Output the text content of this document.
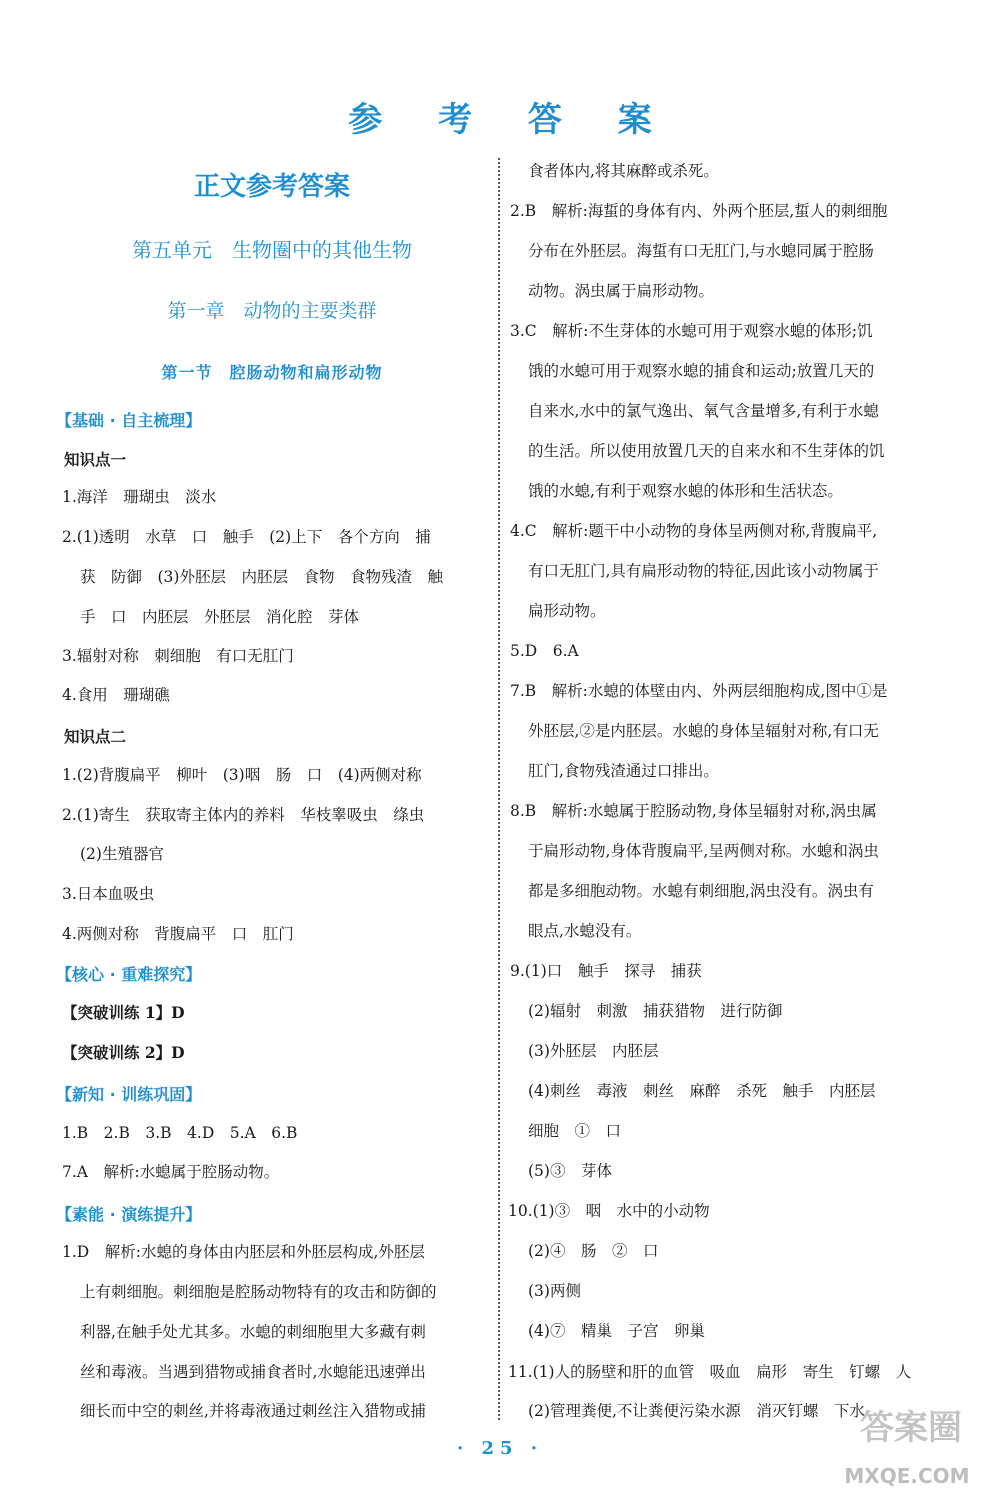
参 考 答 案
正文参考答案
第五单元　生物圈中的其他生物
第一章　动物的主要类群
第一节　腔肠动物和扁形动物
【基础 · 自主梳理】
知识点一
1.海洋　珊瑚虫　淡水
2.(1)透明　水草　口　触手　(2)上下　各个方向　捕
获　防御　(3)外胚层　内胚层　食物　食物残渣　触
手　口　内胚层　外胚层　消化腔　芽体
3.辐射对称　刺细胞　有口无肛门
4.食用　珊瑚礁
知识点二
1.(2)背腹扁平　柳叶　(3)咽　肠　口　(4)两侧对称
2.(1)寄生　获取寄主体内的养料　华枝睾吸虫　绦虫
(2)生殖器官
3.日本血吸虫
4.两侧对称　背腹扁平　口　肛门
【核心 · 重难探究】
【突破训练 1】D
【突破训练 2】D
【新知 · 训练巩固】
1.B　2.B　3.B　4.D　5.A　6.B
7.A　解析:水螅属于腔肠动物。
【素能 · 演练提升】
1.D　解析:水螅的身体由内胚层和外胚层构成,外胚层
上有刺细胞。刺细胞是腔肠动物特有的攻击和防御的
利器,在触手处尤其多。水螅的刺细胞里大多藏有刺
丝和毒液。当遇到猎物或捕食者时,水螅能迅速弹出
细长而中空的刺丝,并将毒液通过刺丝注入猎物或捕
食者体内,将其麻醉或杀死。
2.B　解析:海蜇的身体有内、外两个胚层,蜇人的刺细胞
分布在外胚层。海蜇有口无肛门,与水螅同属于腔肠
动物。涡虫属于扁形动物。
3.C　解析:不生芽体的水螅可用于观察水螅的体形;饥
饿的水螅可用于观察水螅的捕食和运动;放置几天的
自来水,水中的氯气逸出、氧气含量增多,有利于水螅
的生活。所以使用放置几天的自来水和不生芽体的饥
饿的水螅,有利于观察水螅的体形和生活状态。
4.C　解析:题干中小动物的身体呈两侧对称,背腹扁平,
有口无肛门,具有扁形动物的特征,因此该小动物属于
扁形动物。
5.D　6.A
7.B　解析:水螅的体壁由内、外两层细胞构成,图中①是
外胚层,②是内胚层。水螅的身体呈辐射对称,有口无
肛门,食物残渣通过口排出。
8.B　解析:水螅属于腔肠动物,身体呈辐射对称,涡虫属
于扁形动物,身体背腹扁平,呈两侧对称。水螅和涡虫
都是多细胞动物。水螅有刺细胞,涡虫没有。涡虫有
眼点,水螅没有。
9.(1)口　触手　探寻　捕获
(2)辐射　刺激　捕获猎物　进行防御
(3)外胚层　内胚层
(4)刺丝　毒液　刺丝　麻醉　杀死　触手　内胚层
细胞　①　口
(5)③　芽体
10.(1)③　咽　水中的小动物
(2)④　肠　②　口
(3)两侧
(4)⑦　精巢　子宫　卵巢
11.(1)人的肠壁和肝的血管　吸血　扁形　寄生　钉螺　人
(2)管理粪便,不让粪便污染水源　消灭钉螺　下水
· 25 ·
答案圈
MXQE.COM
